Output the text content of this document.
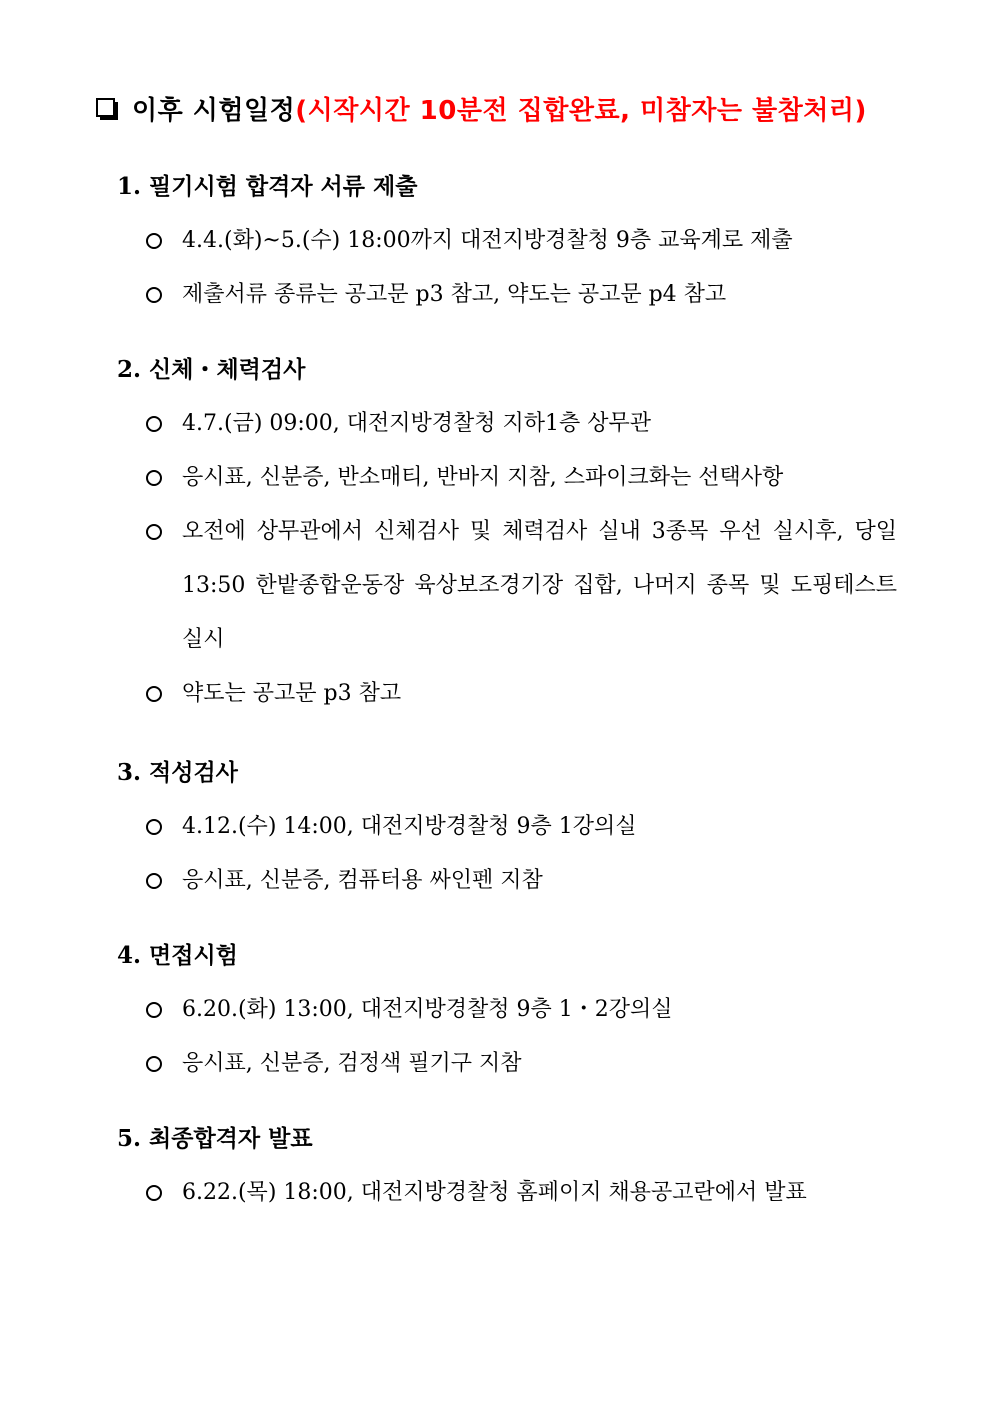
이후 시험일정 (시작시간 10분전 집합완료, 미참자는 불참처리)
1. 필기시험 합격자 서류 제출
4.4.(화)~5.(수) 18:00까지 대전지방경찰청 9층 교육계로 제출
제출서류 종류는 공고문 p3 참고, 약도는 공고문 p4 참고
2. 신체・체력검사
4.7.(금) 09:00, 대전지방경찰청 지하1층 상무관
응시표, 신분증, 반소매티, 반바지 지참, 스파이크화는 선택사항
오전에 상무관에서 신체검사 및 체력검사 실내 3종목 우선 실시후, 당일 13:50 한밭종합운동장 육상보조경기장 집합, 나머지 종목 및 도핑테스트 실시
약도는 공고문 p3 참고
3. 적성검사
4.12.(수) 14:00, 대전지방경찰청 9층 1강의실
응시표, 신분증, 컴퓨터용 싸인펜 지참
4. 면접시험
6.20.(화) 13:00, 대전지방경찰청 9층 1・2강의실
응시표, 신분증, 검정색 필기구 지참
5. 최종합격자 발표
6.22.(목) 18:00, 대전지방경찰청 홈페이지 채용공고란에서 발표
